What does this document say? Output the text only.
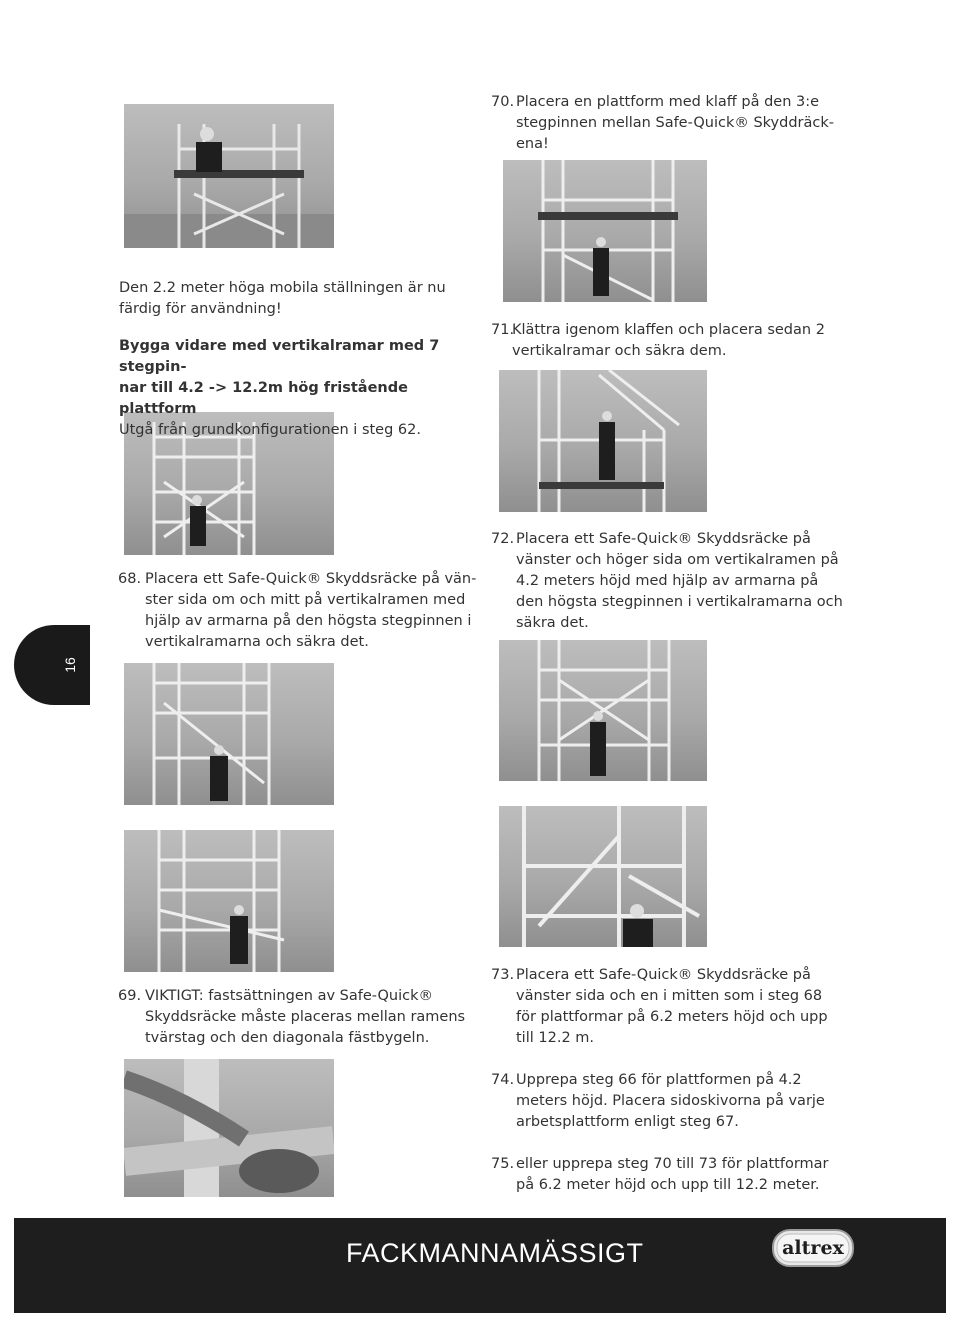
Den 2.2 meter höga mobila ställningen är nu
färdig för användning!
Bygga vidare med vertikalramar med 7 stegpin-
nar till 4.2 -> 12.2m hög fristående plattform
Utgå från grundkonfigurationen i steg 62.
68. Placera ett Safe-Quick® Skyddsräcke på vän-
ster sida om och mitt på vertikalramen med
hjälp av armarna på den högsta stegpinnen i
vertikalramarna och säkra det.
69. VIKTIGT: fastsättningen av Safe-Quick®
Skyddsräcke måste placeras mellan ramens
tvärstag och den diagonala fästbygeln.
70. Placera en plattform med klaff på den 3:e
stegpinnen mellan Safe-Quick® Skyddräck-
ena!
71.
Klättra igenom klaffen och placera sedan 2
vertikalramar och säkra dem.
72. Placera ett Safe-Quick® Skyddsräcke på
vänster och höger sida om vertikalramen på
4.2 meters höjd med hjälp av armarna på
den högsta stegpinnen i vertikalramarna och
säkra det.
73. Placera ett Safe-Quick® Skyddsräcke på
vänster sida och en i mitten som i steg 68
för plattformar på 6.2 meters höjd och upp
till 12.2 m.
74. Upprepa steg 66 för plattformen på 4.2
meters höjd. Placera sidoskivorna på varje
arbetsplattform enligt steg 67.
75. eller upprepa steg 70 till 73 för plattformar
på 6.2 meter höjd och upp till 12.2 meter.
16
FACKMANNAMÄSSIGT	altrex
